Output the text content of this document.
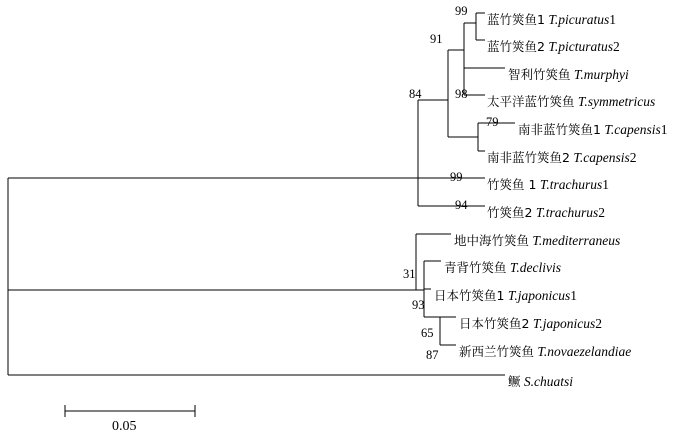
蓝竹筴鱼1 T.picuratus1
蓝竹筴鱼2 T.picturatus2
智利竹筴鱼 T.murphyi
太平洋蓝竹筴鱼 T.symmetricus
南非蓝竹筴鱼1 T.capensis1
南非蓝竹筴鱼2 T.capensis2
竹筴鱼 1 T.trachurus1
竹筴鱼2 T.trachurus2
地中海竹筴鱼 T.mediterraneus
青背竹筴鱼 T.declivis
日本竹筴鱼1 T.japonicus1
日本竹筴鱼2 T.japonicus2
新西兰竹筴鱼 T.novaezelandiae
鳜 S.chuatsi
99
91
98
84
79
99
94
31
93
65
87
0.05
